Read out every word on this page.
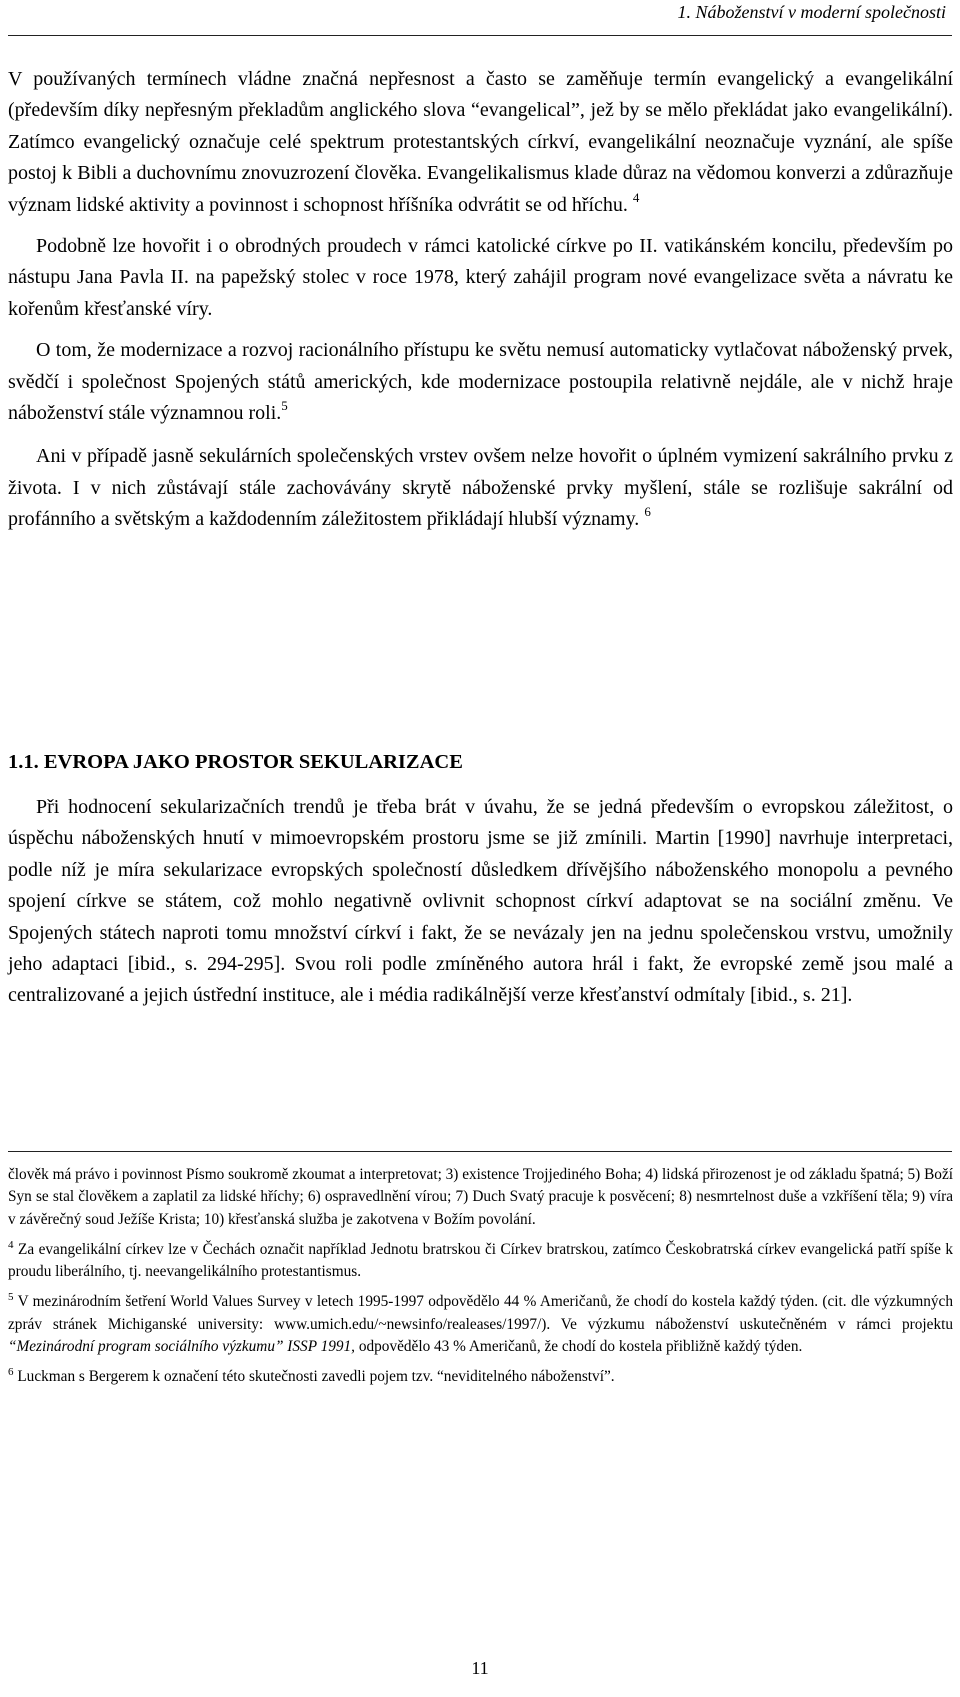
1. Náboženství v moderní společnosti

V používaných termínech vládne značná nepřesnost a často se zaměňuje termín evangelický a evangelikální (především díky nepřesným překladům anglického slova “evangelical”, jež by se mělo překládat jako evangelikální). Zatímco evangelický označuje celé spektrum protestantských církví, evangelikální neoznačuje vyznání, ale spíše postoj k Bibli a duchovnímu znovuzrození člověka. Evangelikalismus klade důraz na vědomou konverzi a zdůrazňuje význam lidské aktivity a povinnost i schopnost hříšníka odvrátit se od hříchu. $^4$

Podobně lze hovořit i o obrodných proudech v rámci katolické církve po II. vatikánském koncilu, především po nástupu Jana Pavla II. na papežský stolec v roce 1978, který zahájil program nové evangelizace světa a návratu ke kořenům křesťanské víry.

O tom, že modernizace a rozvoj racionálního přístupu ke světu nemusí automaticky vytlačovat náboženský prvek, svědčí i společnost Spojených států amerických, kde modernizace postoupila relativně nejdále, ale v nichž hraje náboženství stále významnou roli.$^5$

Ani v případě jasně sekulárních společenských vrstev ovšem nelze hovořit o úplném vymizení sakrálního prvku z života. I v nich zůstávají stále zachovávány skrytě náboženské prvky myšlení, stále se rozlišuje sakrální od profánního a světským a každodenním záležitostem přikládají hlubší významy. $^6$

1.1. EVROPA JAKO PROSTOR SEKULARIZACE

Při hodnocení sekularizačních trendů je třeba brát v úvahu, že se jedná především o evropskou záležitost, o úspěchu náboženských hnutí v mimoevropském prostoru jsme se již zmínili. Martin [1990] navrhuje interpretaci, podle níž je míra sekularizace evropských společností důsledkem dřívějšího náboženského monopolu a pevného spojení církve se státem, což mohlo negativně ovlivnit schopnost církví adaptovat se na sociální změnu. Ve Spojených státech naproti tomu množství církví i fakt, že se nevázaly jen na jednu společenskou vrstvu, umožnily jeho adaptaci [ibid., s. 294-295]. Svou roli podle zmíněného autora hrál i fakt, že evropské země jsou malé a centralizované a jejich ústřední instituce, ale i média radikálnější verze křesťanství odmítaly [ibid., s. 21].

člověk má právo i povinnost Písmo soukromě zkoumat a interpretovat; 3) existence Trojjediného Boha; 4) lidská přirozenost je od základu špatná; 5) Boží Syn se stal člověkem a zaplatil za lidské hříchy; 6) ospravedlnění vírou; 7) Duch Svatý pracuje k posvěcení; 8) nesmrtelnost duše a vzkříšení těla; 9) víra v závěrečný soud Ježíše Krista; 10) křesťanská služba je zakotvena v Božím povolání.

$^4$ Za evangelikální církev lze v Čechách označit například Jednotu bratrskou či Církev bratrskou, zatímco Českobratrská církev evangelická patří spíše k proudu liberálního, tj. neevangelikálního protestantismus.

$^5$ V mezinárodním šetření World Values Survey v letech 1995-1997 odpovědělo 44 % Američanů, že chodí do kostela každý týden. (cit. dle výzkumných zpráv stránek Michiganské university: www.umich.edu/~newsinfo/realeases/1997/). Ve výzkumu náboženství uskutečněném v rámci projektu “Mezinárodní program sociálního výzkumu” ISSP 1991, odpovědělo 43 % Američanů, že chodí do kostela přibližně každý týden.

$^6$ Luckman s Bergerem k označení této skutečnosti zavedli pojem tzv. “neviditelného náboženství”.

11
